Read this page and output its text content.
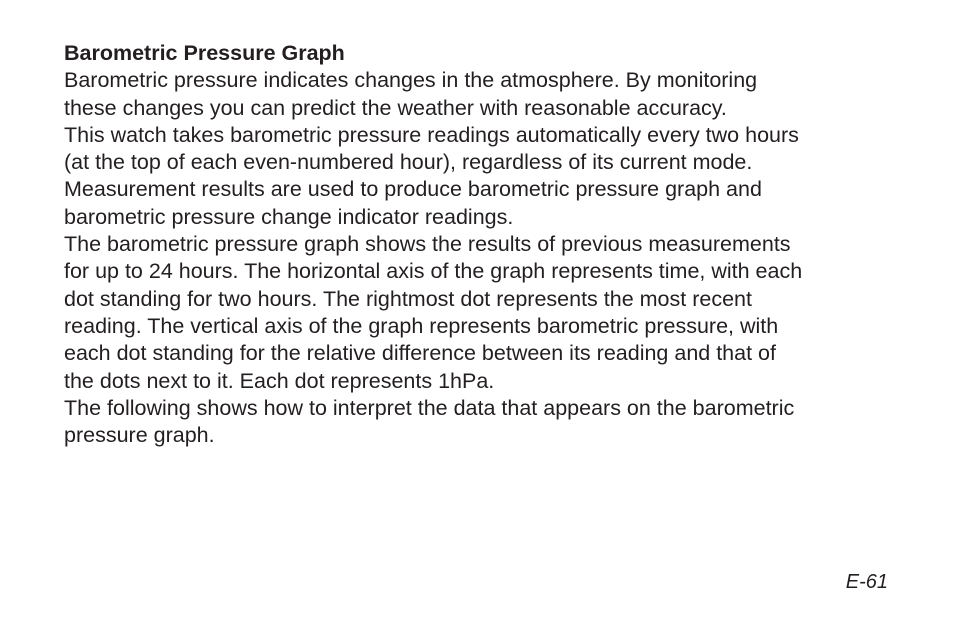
Barometric Pressure Graph
Barometric pressure indicates changes in the atmosphere. By monitoring
these changes you can predict the weather with reasonable accuracy.
This watch takes barometric pressure readings automatically every two hours
(at the top of each even-numbered hour), regardless of its current mode.
Measurement results are used to produce barometric pressure graph and
barometric pressure change indicator readings.
The barometric pressure graph shows the results of previous measurements
for up to 24 hours. The horizontal axis of the graph represents time, with each
dot standing for two hours. The rightmost dot represents the most recent
reading. The vertical axis of the graph represents barometric pressure, with
each dot standing for the relative difference between its reading and that of
the dots next to it. Each dot represents 1hPa.
The following shows how to interpret the data that appears on the barometric
pressure graph.
E-61
